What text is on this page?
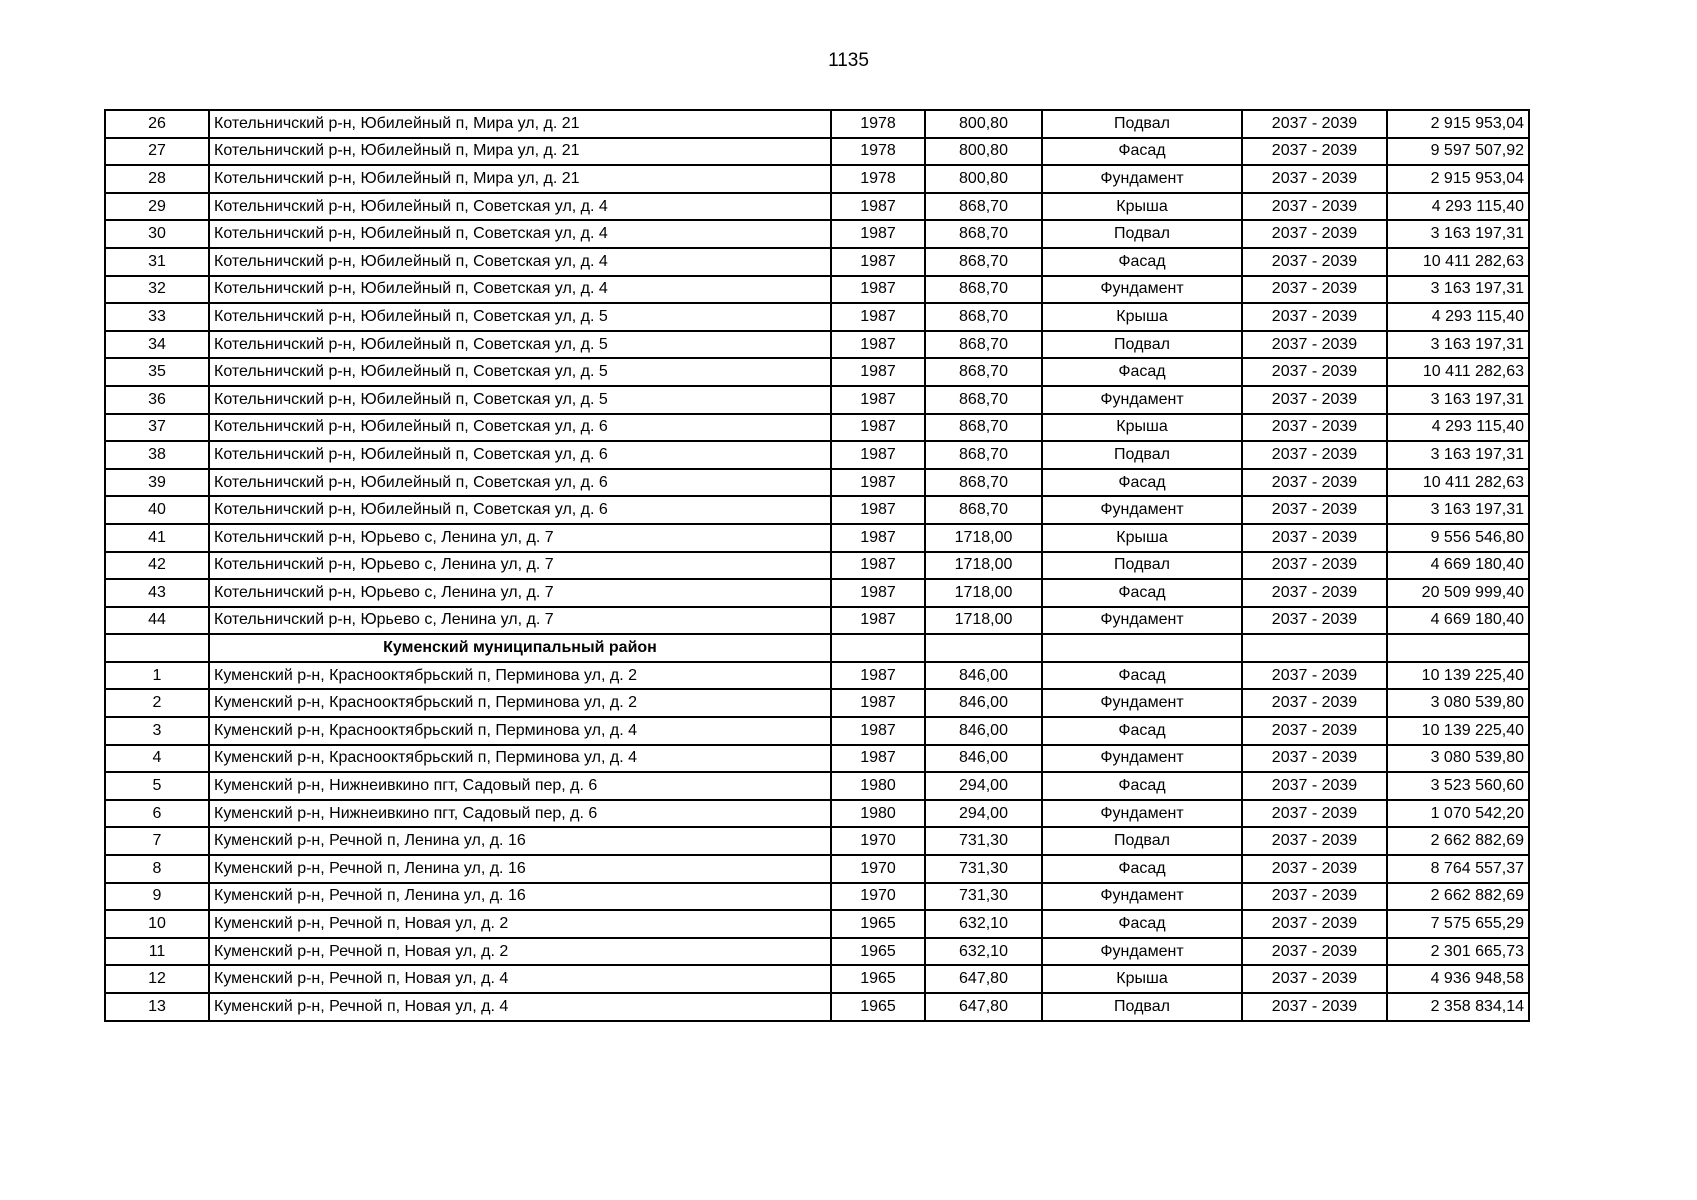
1135
26	Котельничский р-н, Юбилейный п, Мира ул, д. 21	1978	800,80	Подвал	2037 - 2039	2 915 953,04
27	Котельничский р-н, Юбилейный п, Мира ул, д. 21	1978	800,80	Фасад	2037 - 2039	9 597 507,92
28	Котельничский р-н, Юбилейный п, Мира ул, д. 21	1978	800,80	Фундамент	2037 - 2039	2 915 953,04
29	Котельничский р-н, Юбилейный п, Советская ул, д. 4	1987	868,70	Крыша	2037 - 2039	4 293 115,40
30	Котельничский р-н, Юбилейный п, Советская ул, д. 4	1987	868,70	Подвал	2037 - 2039	3 163 197,31
31	Котельничский р-н, Юбилейный п, Советская ул, д. 4	1987	868,70	Фасад	2037 - 2039	10 411 282,63
32	Котельничский р-н, Юбилейный п, Советская ул, д. 4	1987	868,70	Фундамент	2037 - 2039	3 163 197,31
33	Котельничский р-н, Юбилейный п, Советская ул, д. 5	1987	868,70	Крыша	2037 - 2039	4 293 115,40
34	Котельничский р-н, Юбилейный п, Советская ул, д. 5	1987	868,70	Подвал	2037 - 2039	3 163 197,31
35	Котельничский р-н, Юбилейный п, Советская ул, д. 5	1987	868,70	Фасад	2037 - 2039	10 411 282,63
36	Котельничский р-н, Юбилейный п, Советская ул, д. 5	1987	868,70	Фундамент	2037 - 2039	3 163 197,31
37	Котельничский р-н, Юбилейный п, Советская ул, д. 6	1987	868,70	Крыша	2037 - 2039	4 293 115,40
38	Котельничский р-н, Юбилейный п, Советская ул, д. 6	1987	868,70	Подвал	2037 - 2039	3 163 197,31
39	Котельничский р-н, Юбилейный п, Советская ул, д. 6	1987	868,70	Фасад	2037 - 2039	10 411 282,63
40	Котельничский р-н, Юбилейный п, Советская ул, д. 6	1987	868,70	Фундамент	2037 - 2039	3 163 197,31
41	Котельничский р-н, Юрьево с, Ленина ул, д. 7	1987	1718,00	Крыша	2037 - 2039	9 556 546,80
42	Котельничский р-н, Юрьево с, Ленина ул, д. 7	1987	1718,00	Подвал	2037 - 2039	4 669 180,40
43	Котельничский р-н, Юрьево с, Ленина ул, д. 7	1987	1718,00	Фасад	2037 - 2039	20 509 999,40
44	Котельничский р-н, Юрьево с, Ленина ул, д. 7	1987	1718,00	Фундамент	2037 - 2039	4 669 180,40
	Куменский муниципальный район					
1	Куменский р-н, Краснооктябрьский п, Перминова ул, д. 2	1987	846,00	Фасад	2037 - 2039	10 139 225,40
2	Куменский р-н, Краснооктябрьский п, Перминова ул, д. 2	1987	846,00	Фундамент	2037 - 2039	3 080 539,80
3	Куменский р-н, Краснооктябрьский п, Перминова ул, д. 4	1987	846,00	Фасад	2037 - 2039	10 139 225,40
4	Куменский р-н, Краснооктябрьский п, Перминова ул, д. 4	1987	846,00	Фундамент	2037 - 2039	3 080 539,80
5	Куменский р-н, Нижнеивкино пгт, Садовый пер, д. 6	1980	294,00	Фасад	2037 - 2039	3 523 560,60
6	Куменский р-н, Нижнеивкино пгт, Садовый пер, д. 6	1980	294,00	Фундамент	2037 - 2039	1 070 542,20
7	Куменский р-н, Речной п, Ленина ул, д. 16	1970	731,30	Подвал	2037 - 2039	2 662 882,69
8	Куменский р-н, Речной п, Ленина ул, д. 16	1970	731,30	Фасад	2037 - 2039	8 764 557,37
9	Куменский р-н, Речной п, Ленина ул, д. 16	1970	731,30	Фундамент	2037 - 2039	2 662 882,69
10	Куменский р-н, Речной п, Новая ул, д. 2	1965	632,10	Фасад	2037 - 2039	7 575 655,29
11	Куменский р-н, Речной п, Новая ул, д. 2	1965	632,10	Фундамент	2037 - 2039	2 301 665,73
12	Куменский р-н, Речной п, Новая ул, д. 4	1965	647,80	Крыша	2037 - 2039	4 936 948,58
13	Куменский р-н, Речной п, Новая ул, д. 4	1965	647,80	Подвал	2037 - 2039	2 358 834,14
